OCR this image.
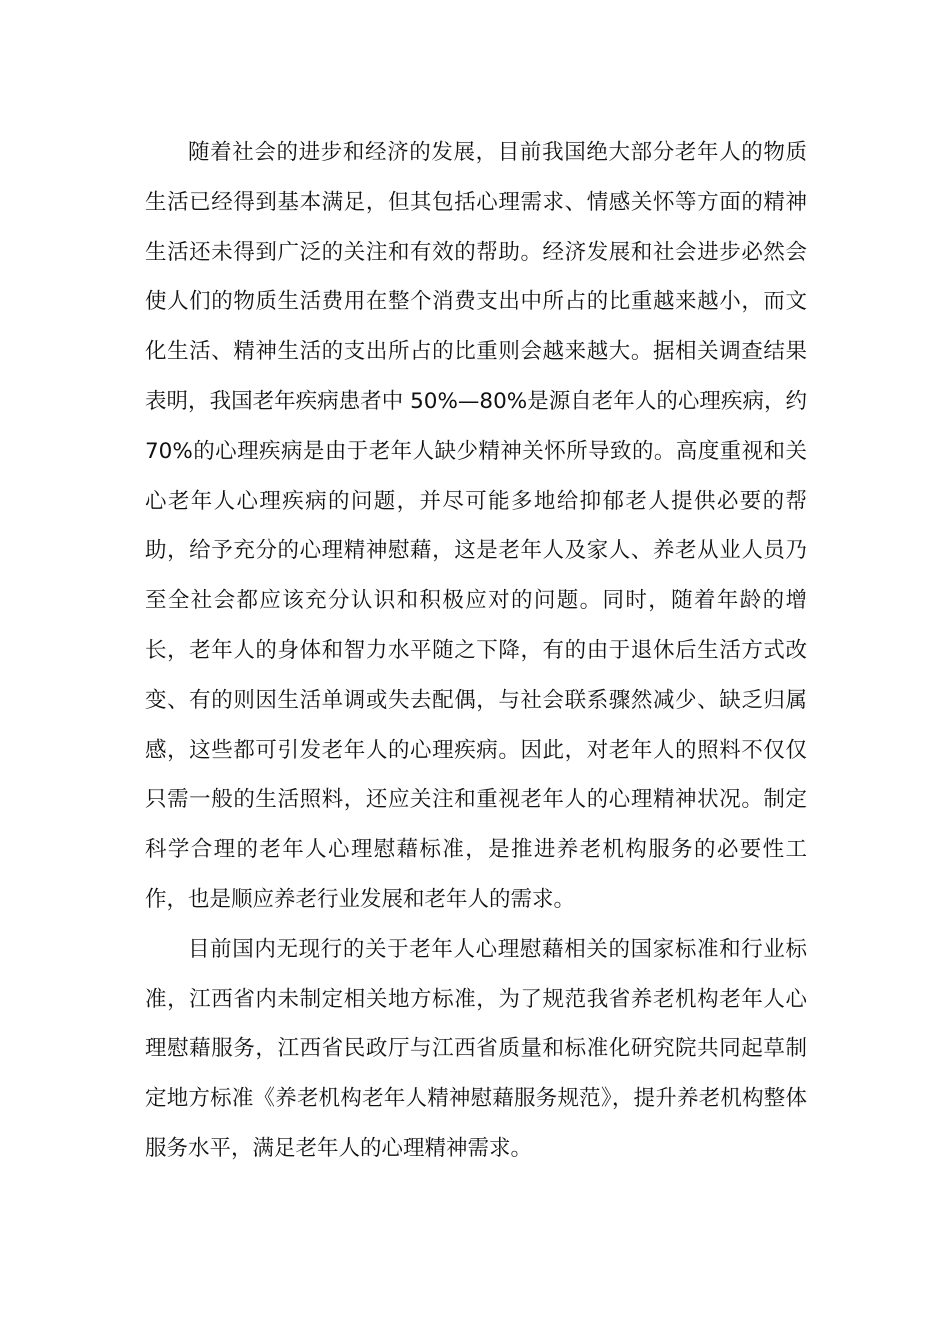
随着社会的进步和经济的发展，目前我国绝大部分老年人的物质生活已经得到基本满足，但其包括心理需求、情感关怀等方面的精神生活还未得到广泛的关注和有效的帮助。经济发展和社会进步必然会使人们的物质生活费用在整个消费支出中所占的比重越来越小，而文化生活、精神生活的支出所占的比重则会越来越大。据相关调查结果表明，我国老年疾病患者中 50%—80%是源自老年人的心理疾病，约 70%的心理疾病是由于老年人缺少精神关怀所导致的。高度重视和关心老年人心理疾病的问题，并尽可能多地给抑郁老人提供必要的帮助，给予充分的心理精神慰藉，这是老年人及家人、养老从业人员乃至全社会都应该充分认识和积极应对的问题。同时，随着年龄的增长，老年人的身体和智力水平随之下降，有的由于退休后生活方式改变、有的则因生活单调或失去配偶，与社会联系骤然减少、缺乏归属感，这些都可引发老年人的心理疾病。因此，对老年人的照料不仅仅只需一般的生活照料，还应关注和重视老年人的心理精神状况。制定科学合理的老年人心理慰藉标准，是推进养老机构服务的必要性工作，也是顺应养老行业发展和老年人的需求。

目前国内无现行的关于老年人心理慰藉相关的国家标准和行业标准，江西省内未制定相关地方标准，为了规范我省养老机构老年人心理慰藉服务，江西省民政厅与江西省质量和标准化研究院共同起草制定地方标准《养老机构老年人精神慰藉服务规范》，提升养老机构整体服务水平，满足老年人的心理精神需求。
